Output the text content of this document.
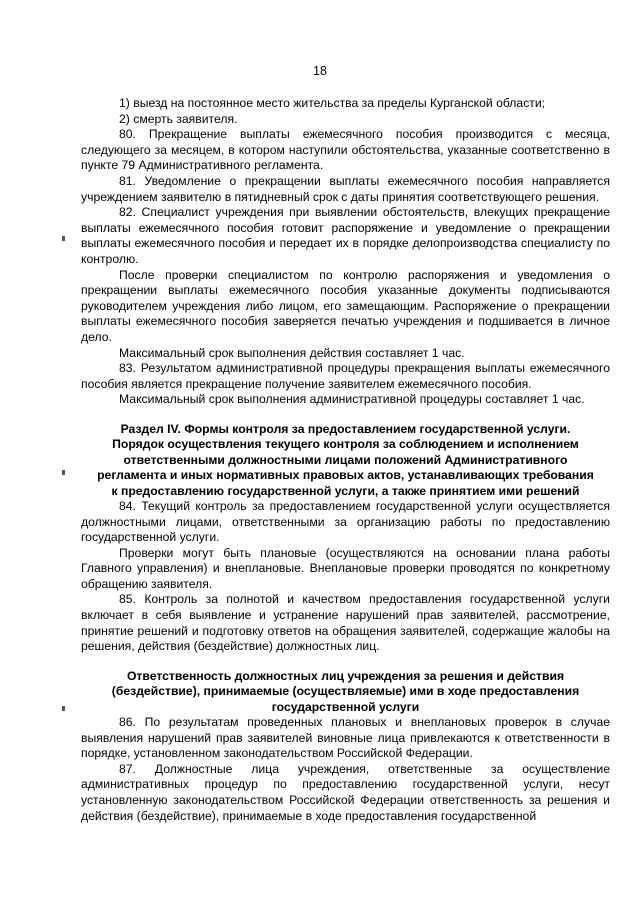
18

1) выезд на постоянное место жительства за пределы Курганской области;

2) смерть заявителя.

80. Прекращение выплаты ежемесячного пособия производится с месяца, следующего за месяцем, в котором наступили обстоятельства, указанные соответственно в пункте 79 Административного регламента.

81. Уведомление о прекращении выплаты ежемесячного пособия направляется учреждением заявителю в пятидневный срок с даты принятия соответствующего решения.

82. Специалист учреждения при выявлении обстоятельств, влекущих прекращение выплаты ежемесячного пособия готовит распоряжение и уведомление о прекращении выплаты ежемесячного пособия и передает их в порядке делопроизводства специалисту по контролю.

После проверки специалистом по контролю распоряжения и уведомления о прекращении выплаты ежемесячного пособия указанные документы подписываются руководителем учреждения либо лицом, его замещающим. Распоряжение о прекращении выплаты ежемесячного пособия заверяется печатью учреждения и подшивается в личное дело.

Максимальный срок выполнения действия составляет 1 час.

83. Результатом административной процедуры прекращения выплаты ежемесячного пособия является прекращение получение заявителем ежемесячного пособия.

Максимальный срок выполнения административной процедуры составляет 1 час.

Раздел IV. Формы контроля за предоставлением государственной услуги.
Порядок осуществления текущего контроля за соблюдением и исполнением
ответственными должностными лицами положений Административного
регламента и иных нормативных правовых актов, устанавливающих требования
к предоставлению государственной услуги, а также принятием ими решений

84. Текущий контроль за предоставлением государственной услуги осуществляется должностными лицами, ответственными за организацию работы по предоставлению государственной услуги.

Проверки могут быть плановые (осуществляются на основании плана работы Главного управления) и внеплановые. Внеплановые проверки проводятся по конкретному обращению заявителя.

85. Контроль за полнотой и качеством предоставления государственной услуги включает в себя выявление и устранение нарушений прав заявителей, рассмотрение, принятие решений и подготовку ответов на обращения заявителей, содержащие жалобы на решения, действия (бездействие) должностных лиц.

Ответственность должностных лиц учреждения за решения и действия
(бездействие), принимаемые (осуществляемые) ими в ходе предоставления
государственной услуги

86. По результатам проведенных плановых и внеплановых проверок в случае выявления нарушений прав заявителей виновные лица привлекаются к ответственности в порядке, установленном законодательством Российской Федерации.

87. Должностные лица учреждения, ответственные за осуществление административных процедур по предоставлению государственной услуги, несут установленную законодательством Российской Федерации ответственность за решения и действия (бездействие), принимаемые в ходе предоставления государственной
